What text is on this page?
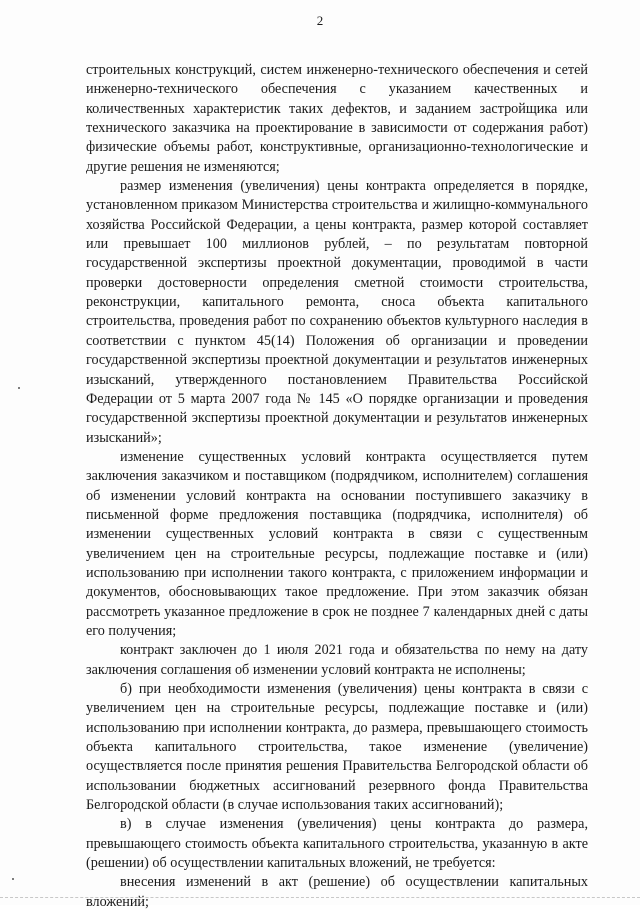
2

строительных конструкций, систем инженерно-технического обеспечения и сетей инженерно-технического обеспечения с указанием качественных и количественных характеристик таких дефектов, и заданием застройщика или технического заказчика на проектирование в зависимости от содержания работ) физические объемы работ, конструктивные, организационно-технологические и другие решения не изменяются;

размер изменения (увеличения) цены контракта определяется в порядке, установленном приказом Министерства строительства и жилищно-коммунального хозяйства Российской Федерации, а цены контракта, размер которой составляет или превышает 100 миллионов рублей, – по результатам повторной государственной экспертизы проектной документации, проводимой в части проверки достоверности определения сметной стоимости строительства, реконструкции, капитального ремонта, сноса объекта капитального строительства, проведения работ по сохранению объектов культурного наследия в соответствии с пунктом 45(14) Положения об организации и проведении государственной экспертизы проектной документации и результатов инженерных изысканий, утвержденного постановлением Правительства Российской Федерации от 5 марта 2007 года № 145 «О порядке организации и проведения государственной экспертизы проектной документации и результатов инженерных изысканий»;

изменение существенных условий контракта осуществляется путем заключения заказчиком и поставщиком (подрядчиком, исполнителем) соглашения об изменении условий контракта на основании поступившего заказчику в письменной форме предложения поставщика (подрядчика, исполнителя) об изменении существенных условий контракта в связи с существенным увеличением цен на строительные ресурсы, подлежащие поставке и (или) использованию при исполнении такого контракта, с приложением информации и документов, обосновывающих такое предложение. При этом заказчик обязан рассмотреть указанное предложение в срок не позднее 7 календарных дней с даты его получения;

контракт заключен до 1 июля 2021 года и обязательства по нему на дату заключения соглашения об изменении условий контракта не исполнены;

б) при необходимости изменения (увеличения) цены контракта в связи с увеличением цен на строительные ресурсы, подлежащие поставке и (или) использованию при исполнении контракта, до размера, превышающего стоимость объекта капитального строительства, такое изменение (увеличение) осуществляется после принятия решения Правительства Белгородской области об использовании бюджетных ассигнований резервного фонда Правительства Белгородской области (в случае использования таких ассигнований);

в) в случае изменения (увеличения) цены контракта до размера, превышающего стоимость объекта капитального строительства, указанную в акте (решении) об осуществлении капитальных вложений, не требуется:

внесения изменений в акт (решение) об осуществлении капитальных вложений;
